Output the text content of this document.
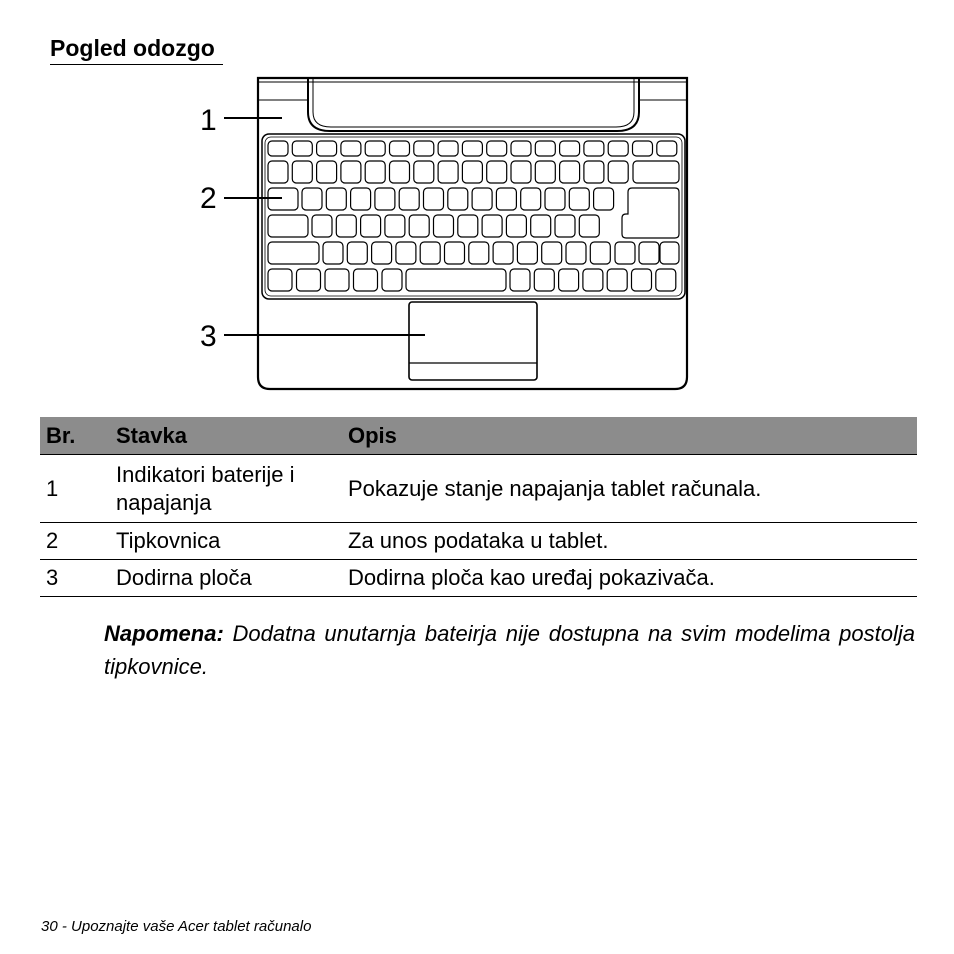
Pogled odozgo
1
2
3
Br.	Stavka	Opis
1	Indikatori baterije i napajanja	Pokazuje stanje napajanja tablet računala.
2	Tipkovnica	Za unos podataka u tablet.
3	Dodirna ploča	Dodirna ploča kao uređaj pokazivača.

Napomena: Dodatna unutarnja bateirja nije dostupna na svim modelima postolja tipkovnice.

30 - Upoznajte vaše Acer tablet računalo
